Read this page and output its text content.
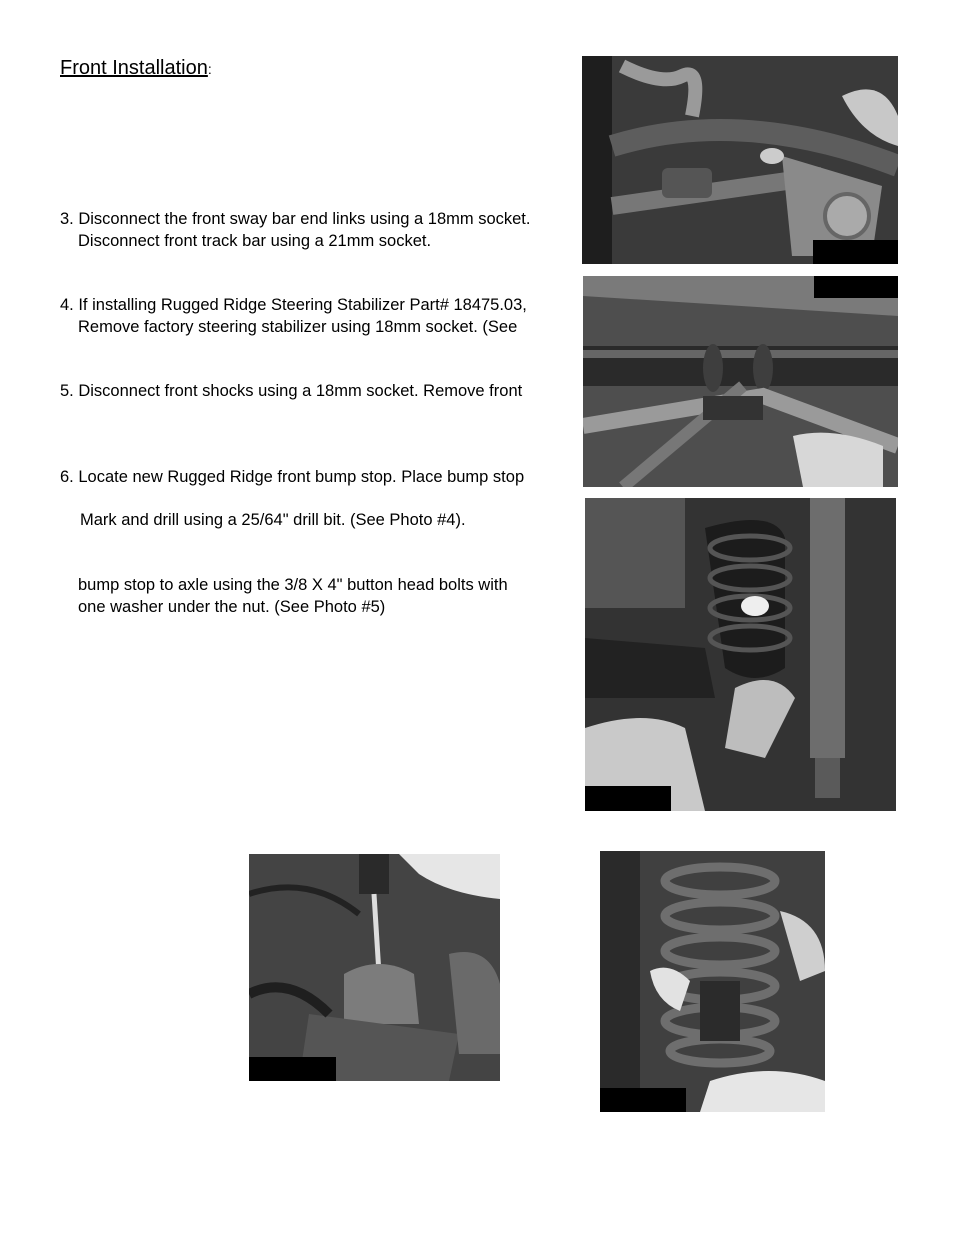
Front Installation:
3. Disconnect the front sway bar end links using a 18mm socket.
Disconnect front track bar using a 21mm socket.
4. If installing Rugged Ridge Steering Stabilizer Part# 18475.03,
Remove factory steering stabilizer using 18mm socket. (See
5. Disconnect front shocks using a 18mm socket. Remove front
6. Locate new Rugged Ridge front bump stop. Place bump stop
Mark and drill using a 25/64" drill bit. (See Photo #4).
bump stop to axle using the 3/8 X 4" button head bolts with
one washer under the nut. (See Photo #5)
